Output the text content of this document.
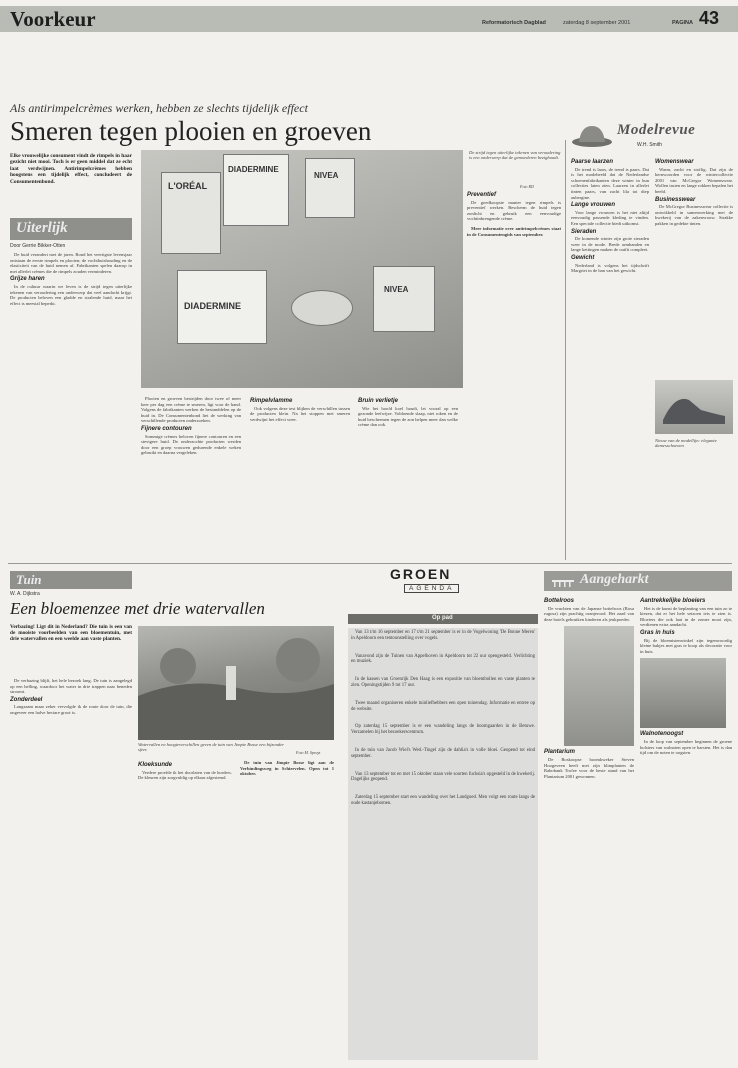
Voorkeur	Reformatorisch Dagblad	zaterdag 8 september 2001	PAGINA 43
Als antirimpelcrèmes werken, hebben ze slechts tijdelijk effect
Smeren tegen plooien en groeven
Elke vrouwelijke consument vindt de rimpels in haar gezicht niet mooi. Toch is er geen middel dat ze echt laat verdwijnen. Antirimpelcrèmes hebben hoogstens een tijdelijk effect, concludeert de Consumentenbond.
Uiterlijk
Door Gerrie Bikker-Otten

De huid verandert met de jaren. Rond het veertigste levensjaar ontstaan de eerste rimpels en plooien; de vochthuishouding en de elasticiteit van de huid nemen af. Fabrikanten spelen daarop in met allerlei crèmes die de rimpels zouden verminderen.

Grijze haren

In de cultuur waarin we leven is de strijd tegen uiterlijke tekenen van veroudering een onderwerp dat veel aandacht krijgt. De producten beloven een gladde en stralende huid, maar het effect is meestal beperkt.

L'ORÉAL
DIADERMINE
NIVEA
DIADERMINE
NIVEA
De strijd tegen uiterlijke tekenen van veroudering is een onderwerp dat de gemoederen bezighoudt.
Foto RD

Plooien en groeven bestrijden door twee of meer keer per dag een crème te smeren, ligt voor de hand. Volgens de fabrikanten werken de bestanddelen op de huid in. De Consumentenbond liet de werking van verschillende producten onderzoeken.

Fijnere contouren

Sommige crèmes beloven fijnere contouren en een stevigere huid. De onderzochte producten werden door een groep vrouwen gedurende enkele weken gebruikt en daarna vergeleken.

Rimpelvlamme

Ook volgens deze test blijken de verschillen tussen de producten klein. Na het stoppen met smeren verdwijnt het effect weer.

Bruin verlietje

Wie het hoofd koel houdt, let vooral op een gezonde leefwijze. Voldoende slaap, niet roken en de huid beschermen tegen de zon helpen meer dan welke crème dan ook.

Preventief

De goedkoopste manier tegen rimpels is preventief werken. Bescherm de huid tegen zonlicht en gebruik een eenvoudige vochtinbrengende crème.

Meer informatie over antirimpelcrèmes staat in de Consumentengids van september.

Modelrevue
W.H. Smith
Paarse laarzen

De trend is laars, de trend is paars. Dat is het modebeeld dat de Nederlandse schoenenfabrikanten deze winter in hun collecties laten zien. Laarzen in allerlei tinten paars, van zacht lila tot diep aubergine.

Lange vrouwen

Voor lange vrouwen is het niet altijd eenvoudig passende kleding te vinden. Een speciale collectie biedt uitkomst.

Sieraden

De komende winter zijn grote sieraden weer in de mode. Brede armbanden en lange kettingen maken de outfit compleet.

Gewicht

Nederland is volgens het tijdschrift Margriet in de ban van het gewicht.

Womenswear

Warm, zacht en stoffig. Dat zijn de kernwoorden voor de wintercollectie 2001 van McGregor Womenswear. Wollen truien en lange rokken bepalen het beeld.

Businesswear

De McGregor Businesswear collectie is ontwikkeld in samenwerking met de kwekerij van de zakenvrouw. Strakke pakken in gedekte tinten.

Nieuw van de modellijn: elegante damesschoenen
Tuin
W. A. Dijkstra
Een bloemenzee met drie watervallen
Verbazing! Ligt dit in Nederland? Die tuin is een van de mooiste voorbeelden van een bloementuin, met drie watervallen en een weelde aan vaste planten.

De verbazing blijft, het hele bezoek lang. De tuin is aangelegd op een helling, waardoor het water in drie trappen naar beneden stroomt.

Zonderdeel

Langzaam maar zeker vervolgde ik de route door de tuin, die ongeveer een halve hectare groot is.

Watervallen en hoogteverschillen geven de tuin van Jimpie Bosse een bijzonder sfeer.
Foto M. Spruyt
Kloeksunde

Verdere proefde ik het doorlaten van de borders. De kleuren zijn zorgvuldig op elkaar afgestemd.

De tuin van Jimpie Bosse ligt aan de Verbindingsweg in Schiervelen. Open tot 1 oktober.

GROEN
AGENDA
Op pad

Van 13 t/m 16 september en 17 t/m 21 september is er in de Vogelwoning 'De Bonne Meren' in Apeldoorn een tentoonstelling over vogels.

Vanavond zijn de Tuinen van Appelhoven in Apeldoorn tot 22 uur opengesteld. Verlichting en muziek.

In de kassen van Groenrijk Den Haag is een expositie van bloembollen en vaste planten te zien. Openingstijden 9 tot 17 uur.

Twee maand organiseren enkele tuinliefhebbers een open tuinendag. Informatie en entree op de website.

Op zaterdag 15 september is er een wandeling langs de boomgaarden in de Betuwe. Verzamelen bij het bezoekerscentrum.

In de tuin van Jacob Wiel's Wed.-Tingel zijn de dahlia's in volle bloei. Geopend tot eind september.

Van 13 september tot en met 15 oktober staan vele soorten fuchsia's opgesteld in de kwekerij. Dagelijks geopend.

Zaterdag 15 september start een wandeling over het Landgoed. Men volgt een route langs de oude kastanjebomen.

Aangeharkt
Bottelroos

De vruchten van de Japanse bottelroos (Rosa rugosa) zijn prachtig oranjerood. Het zaad van deze botels gebruiken kinderen als jeukpoeder.

Plantarium

De Boskoopse boomkweker Steven Hoogeveen heeft met zijn klimplanten de Rabobank Trofee voor de beste stand van het Plantarium 2001 gewonnen.

Aantrekkelijke bloeiers

Het is de kunst de beplanting van een tuin zo te kiezen, dat er het hele seizoen iets te zien is. Bloeiers die ook laat in de zomer mooi zijn, verdienen extra aandacht.

Gras in huis

Bij de bloemistenwinkel zijn tegenwoordig kleine bakjes met gras te koop als decoratie voor in huis.

Walnotenoogst

In de loop van september beginnen de groene bolsters van walnoten open te barsten. Het is dan tijd om de noten te oogsten.
